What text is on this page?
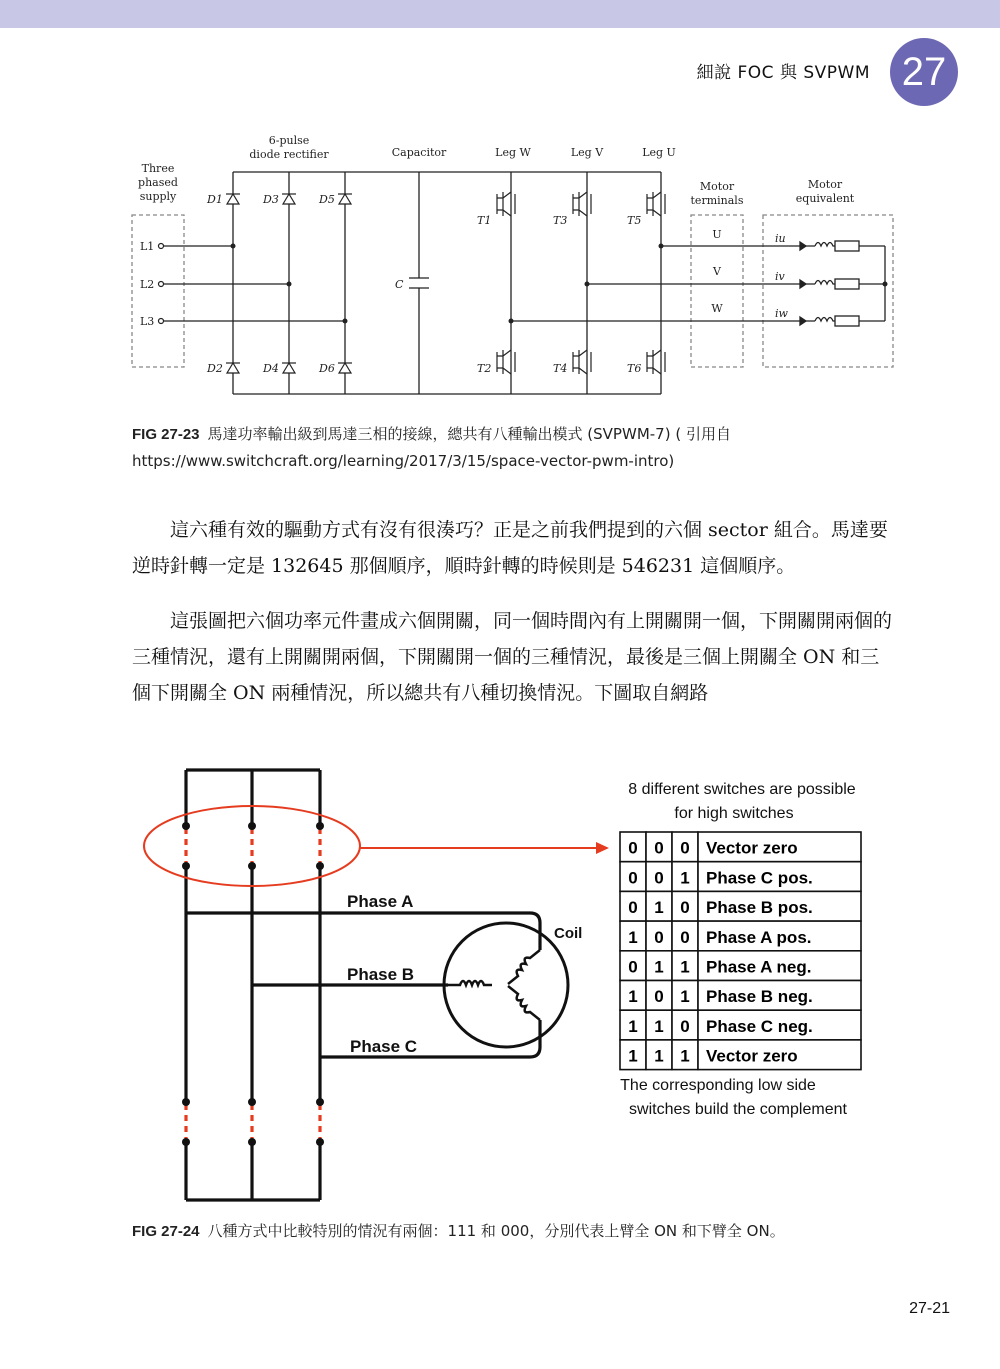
細說 FOC 與 SVPWM 27
Three
phased
supply
6-pulse
diode rectifier	Capacitor	Leg W	Leg V	Leg U
Motor
terminals
Motor
equivalent
L1
L2
L3
D1	D3	D5
D2	D4	D6
T1	T3	T5
T2	T4	T6
C
U
V
W
iu
iv
iw
FIG 27-23 馬達功率輸出級到馬達三相的接線，總共有八種輸出模式 (SVPWM-7) ( 引用自 https://www.switchcraft.org/learning/2017/3/15/space-vector-pwm-intro)

這六種有效的驅動方式有沒有很湊巧？正是之前我們提到的六個 sector 組合。馬達要逆時針轉一定是 132645 那個順序，順時針轉的時候則是 546231 這個順序。

這張圖把六個功率元件畫成六個開關，同一個時間內有上開關開一個，下開關開兩個的三種情況，還有上開關開兩個，下開關開一個的三種情況，最後是三個上開關全 ON 和三個下開關全 ON 兩種情況，所以總共有八種切換情況。下圖取自網路

Phase A
Phase B
Phase C
Coil
8 different switches are possible
for high switches
The corresponding low side
switches build the complement
0 0 0 Vector zero
0 0 1 Phase C pos.
0 1 0 Phase B pos.
1 0 0 Phase A pos.
0 1 1 Phase A neg.
1 0 1 Phase B neg.
1 1 0 Phase C neg.
1 1 1 Vector zero
FIG 27-24 八種方式中比較特別的情況有兩個：111 和 000，分別代表上臂全 ON 和下臂全 ON。
27-21
